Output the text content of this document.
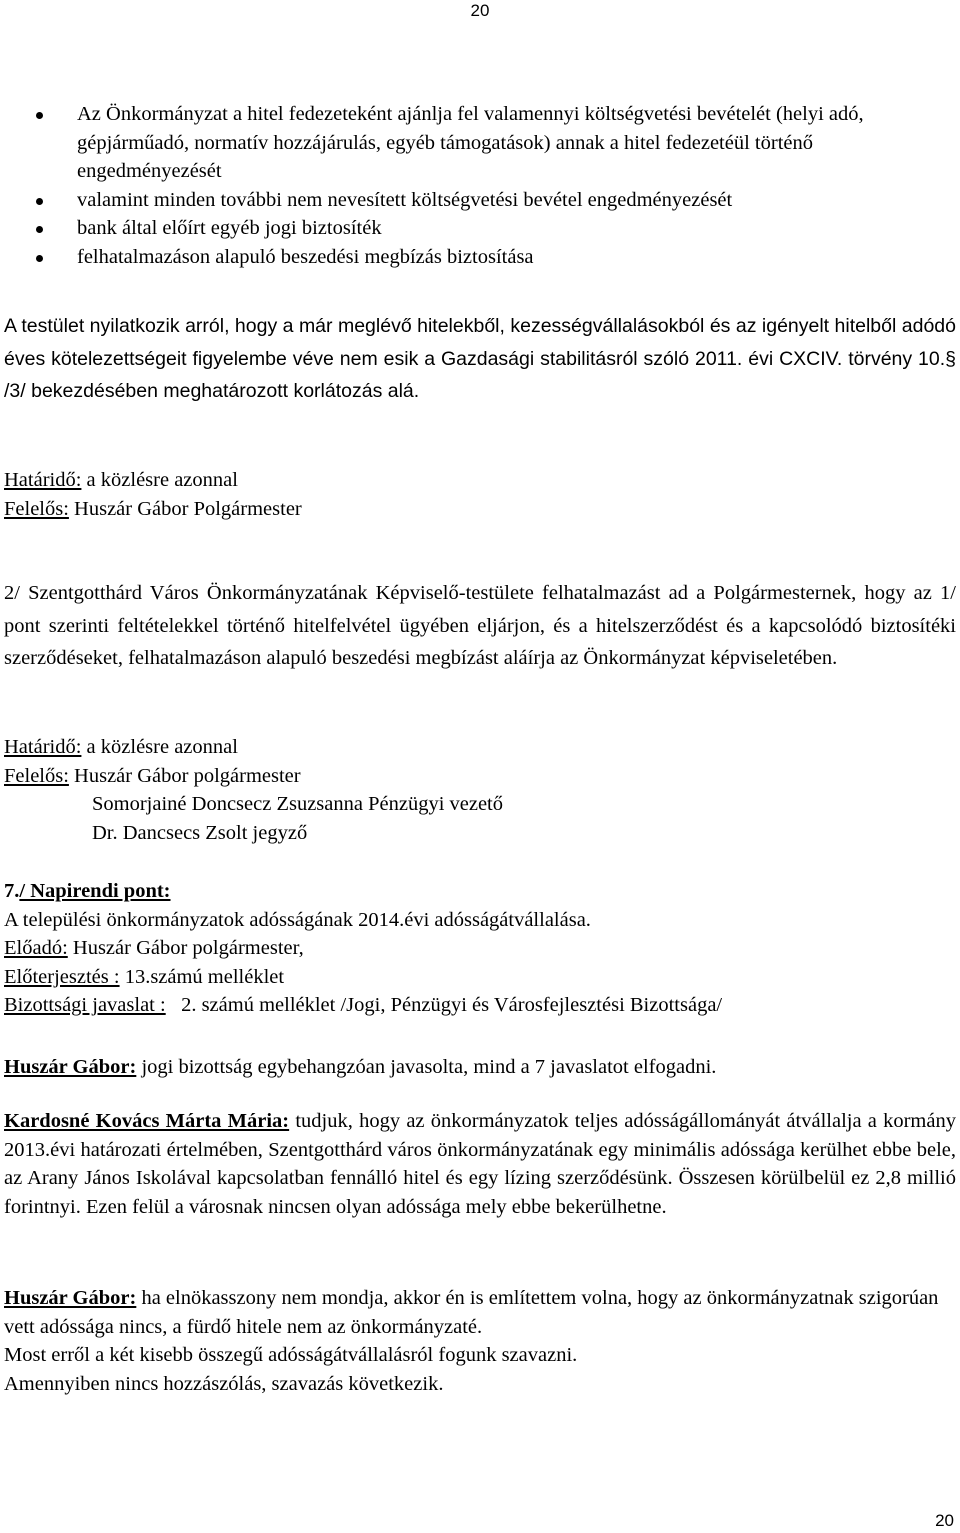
20
Az Önkormányzat a hitel fedezeteként ajánlja fel valamennyi költségvetési bevételét (helyi adó, gépjárműadó, normatív hozzájárulás, egyéb támogatások) annak a hitel fedezetéül történő engedményezését
valamint minden további nem nevesített költségvetési bevétel engedményezését
bank által előírt egyéb jogi biztosíték
felhatalmazáson alapuló beszedési megbízás biztosítása

A testület nyilatkozik arról, hogy a már meglévő hitelekből, kezességvállalásokból és az igényelt hitelből adódó éves kötelezettségeit figyelembe véve nem esik a Gazdasági stabilitásról szóló 2011. évi CXCIV. törvény 10.§ /3/ bekezdésében meghatározott korlátozás alá.

Határidő: a közlésre azonnal

Felelős: Huszár Gábor Polgármester

2/ Szentgotthárd Város Önkormányzatának Képviselő-testülete felhatalmazást ad a Polgármesternek, hogy az 1/ pont szerinti feltételekkel történő hitelfelvétel ügyében eljárjon, és a hitelszerződést és a kapcsolódó biztosítéki szerződéseket, felhatalmazáson alapuló beszedési megbízást aláírja az Önkormányzat képviseletében.

Határidő: a közlésre azonnal

Felelős: Huszár Gábor polgármester

Somorjainé Doncsecz Zsuzsanna Pénzügyi vezető

Dr. Dancsecs Zsolt jegyző

7./ Napirendi pont:

A települési önkormányzatok adósságának 2014.évi adósságátvállalása.

Előadó: Huszár Gábor polgármester,

Előterjesztés : 13.számú melléklet

Bizottsági javaslat :   2. számú melléklet /Jogi, Pénzügyi és Városfejlesztési Bizottsága/

Huszár Gábor: jogi bizottság egybehangzóan javasolta, mind a 7 javaslatot elfogadni.

Kardosné Kovács Márta Mária: tudjuk, hogy az önkormányzatok teljes adósságállományát átvállalja a kormány 2013.évi határozati értelmében, Szentgotthárd város önkormányzatának egy minimális adóssága kerülhet ebbe bele, az Arany János Iskolával kapcsolatban fennálló hitel és egy lízing szerződésünk. Összesen körülbelül ez 2,8 millió forintnyi. Ezen felül a városnak nincsen olyan adóssága mely ebbe bekerülhetne.

Huszár Gábor: ha elnökasszony nem mondja, akkor én is említettem volna, hogy az önkormányzatnak szigorúan vett adóssága nincs, a fürdő hitele nem az önkormányzaté.

Most erről a két kisebb összegű adósságátvállalásról fogunk szavazni.

Amennyiben nincs hozzászólás, szavazás következik.

20
